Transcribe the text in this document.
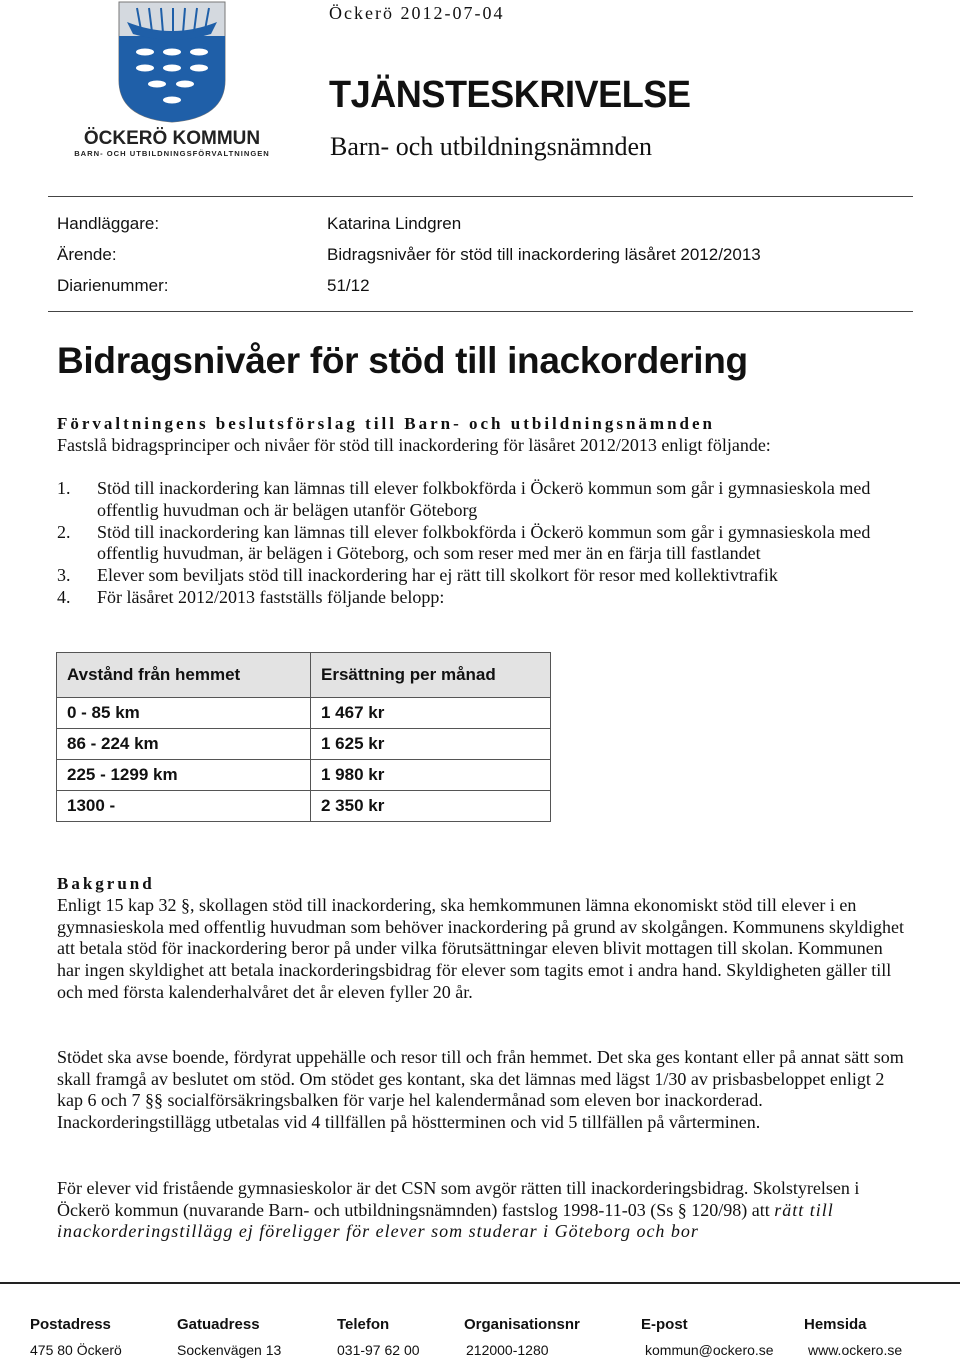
ÖCKERÖ KOMMUN
BARN- OCH UTBILDNINGSFÖRVALTNINGEN
Öckerö 2012-07-04
TJÄNSTESKRIVELSE
Barn- och utbildningsnämnden
Handläggare:	Katarina Lindgren
Ärende:	Bidragsnivåer för stöd till inackordering läsåret 2012/2013
Diarienummer:	51/12
Bidragsnivåer för stöd till inackordering
Förvaltningens beslutsförslag till Barn- och utbildningsnämnden
Fastslå bidragsprinciper och nivåer för stöd till inackordering för läsåret 2012/2013 enligt följande:
1.	Stöd till inackordering kan lämnas till elever folkbokförda i Öckerö kommun som går i gymnasieskola med offentlig huvudman och är belägen utanför Göteborg
2.	Stöd till inackordering kan lämnas till elever folkbokförda i Öckerö kommun som går i gymnasieskola med offentlig huvudman, är belägen i Göteborg, och som reser med mer än en färja till fastlandet
3.	Elever som beviljats stöd till inackordering har ej rätt till skolkort för resor med kollektivtrafik
4.	För läsåret 2012/2013 fastställs följande belopp:
Avstånd från hemmet	Ersättning per månad
0 - 85 km	1 467 kr
86 - 224 km	1 625 kr
225 - 1299 km	1 980 kr
1300 -	2 350 kr
Bakgrund
Enligt 15 kap 32 §, skollagen stöd till inackordering, ska hemkommunen lämna ekonomiskt stöd till elever i en gymnasieskola med offentlig huvudman som behöver inackordering på grund av skolgången. Kommunens skyldighet att betala stöd för inackordering beror på under vilka förutsättningar eleven blivit mottagen till skolan. Kommunen har ingen skyldighet att betala inackorderingsbidrag för elever som tagits emot i andra hand. Skyldigheten gäller till och med första kalenderhalvåret det år eleven fyller 20 år.
Stödet ska avse boende, fördyrat uppehälle och resor till och från hemmet. Det ska ges kontant eller på annat sätt som skall framgå av beslutet om stöd. Om stödet ges kontant, ska det lämnas med lägst 1/30 av prisbasbeloppet enligt 2 kap 6 och 7 §§ socialförsäkringsbalken för varje hel kalendermånad som eleven bor inackorderad. Inackorderingstillägg utbetalas vid 4 tillfällen på höstterminen och vid 5 tillfällen på vårterminen.
För elever vid fristående gymnasieskolor är det CSN som avgör rätten till inackorderingsbidrag. Skolstyrelsen i Öckerö kommun (nuvarande Barn- och utbildningsnämnden) fastslog 1998-11-03 (Ss § 120/98) att rätt till inackorderingstillägg ej föreligger för elever som studerar i Göteborg och bor
Postadress
475 80 Öckerö
Gatuadress
Sockenvägen 13
Telefon
031-97 62 00
Organisationsnr
212000-1280
E-post
kommun@ockero.se
Hemsida
www.ockero.se
